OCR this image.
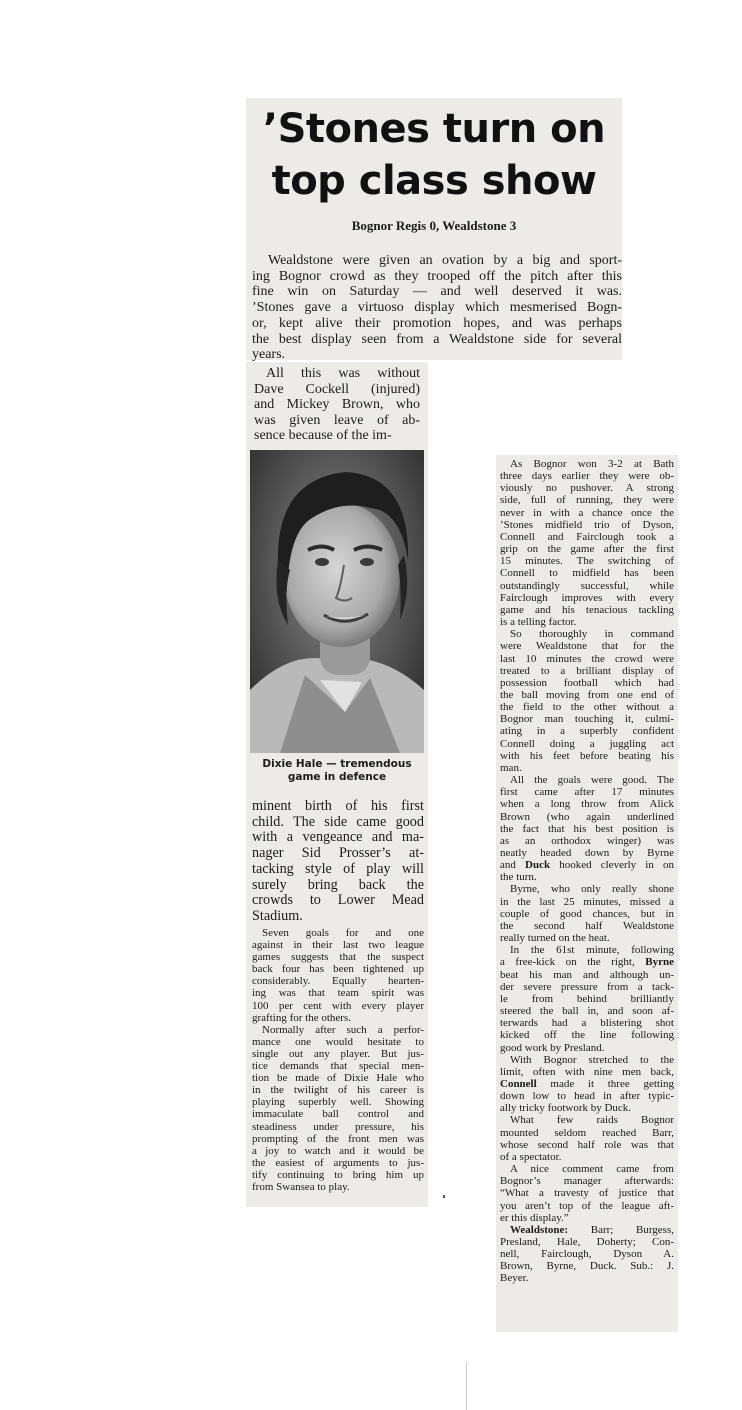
’Stones turn on
top class show
Bognor Regis 0, Wealdstone 3
Wealdstone were given an ovation by a big and sport-
ing Bognor crowd as they trooped off the pitch after this
fine win on Saturday — and well deserved it was.
’Stones gave a virtuoso display which mesmerised Bogn-
or, kept alive their promotion hopes, and was perhaps
the best display seen from a Wealdstone side for several
years.
All this was without
Dave Cockell (injured)
and Mickey Brown, who
was given leave of ab-
sence because of the im-
Dixie Hale — tremendous
game in defence
minent birth of his first
child. The side came good
with a vengeance and ma-
nager Sid Prosser’s at-
tacking style of play will
surely bring back the
crowds to Lower Mead
Stadium.
Seven goals for and one
against in their last two league
games suggests that the suspect
back four has been tightened up
considerably. Equally hearten-
ing was that team spirit was
100 per cent with every player
grafting for the others.
Normally after such a perfor-
mance one would hesitate to
single out any player. But jus-
tice demands that special men-
tion be made of Dixie Hale who
in the twilight of his career is
playing superbly well. Showing
immaculate ball control and
steadiness under pressure, his
prompting of the front men was
a joy to watch and it would be
the easiest of arguments to jus-
tify continuing to bring him up
from Swansea to play.
As Bognor won 3-2 at Bath
three days earlier they were ob-
viously no pushover. A strong
side, full of running, they were
never in with a chance once the
’Stones midfield trio of Dyson,
Connell and Fairclough took a
grip on the game after the first
15 minutes. The switching of
Connell to midfield has been
outstandingly successful, while
Fairclough improves with every
game and his tenacious tackling
is a telling factor.
So thoroughly in command
were Wealdstone that for the
last 10 minutes the crowd were
treated to a brilliant display of
possession football which had
the ball moving from one end of
the field to the other without a
Bognor man touching it, culmi-
ating in a superbly confident
Connell doing a juggling act
with his feet before beating his
man.
All the goals were good. The
first came after 17 minutes
when a long throw from Alick
Brown (who again underlined
the fact that his best position is
as an orthodox winger) was
neatly headed down by Byrne
and Duck hooked cleverly in on
the turn.
Byrne, who only really shone
in the last 25 minutes, missed a
couple of good chances, but in
the second half Wealdstone
really turned on the heat.
In the 61st minute, following
a free-kick on the right, Byrne
beat his man and although un-
der severe pressure from a tack-
le from behind brilliantly
steered the ball in, and soon af-
terwards had a blistering shot
kicked off the line following
good work by Presland.
With Bognor stretched to the
limit, often with nine men back,
Connell made it three getting
down low to head in after typic-
ally tricky footwork by Duck.
What few raids Bognor
mounted seldom reached Barr,
whose second half role was that
of a spectator.
A nice comment came from
Bognor’s manager afterwards:
“What a travesty of justice that
you aren’t top of the league aft-
er this display.”
Wealdstone: Barr; Burgess,
Presland, Hale, Doherty; Con-
nell, Fairclough, Dyson A.
Brown, Byrne, Duck. Sub.: J.
Beyer.
